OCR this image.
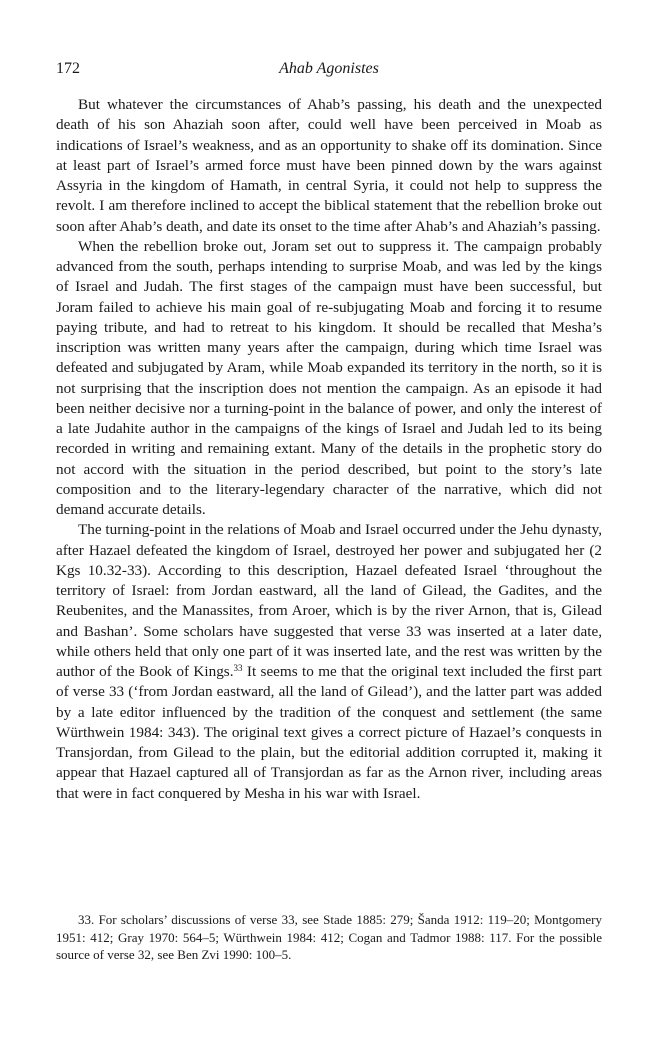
172	Ahab Agonistes

But whatever the circumstances of Ahab’s passing, his death and the unexpected death of his son Ahaziah soon after, could well have been perceived in Moab as indications of Israel’s weakness, and as an opportunity to shake off its domination. Since at least part of Israel’s armed force must have been pinned down by the wars against Assyria in the kingdom of Hamath, in central Syria, it could not help to suppress the revolt. I am therefore inclined to accept the biblical statement that the rebellion broke out soon after Ahab’s death, and date its onset to the time after Ahab’s and Ahaziah’s passing.

When the rebellion broke out, Joram set out to suppress it. The campaign probably advanced from the south, perhaps intending to surprise Moab, and was led by the kings of Israel and Judah. The first stages of the campaign must have been successful, but Joram failed to achieve his main goal of re-subjugating Moab and forcing it to resume paying tribute, and had to retreat to his kingdom. It should be recalled that Mesha’s inscription was written many years after the campaign, during which time Israel was defeated and subjugated by Aram, while Moab expanded its territory in the north, so it is not surprising that the inscription does not mention the campaign. As an episode it had been neither decisive nor a turning-point in the balance of power, and only the interest of a late Judahite author in the campaigns of the kings of Israel and Judah led to its being recorded in writing and remaining extant. Many of the details in the prophetic story do not accord with the situation in the period described, but point to the story’s late composition and to the literary-legendary character of the narrative, which did not demand accurate details.

The turning-point in the relations of Moab and Israel occurred under the Jehu dynasty, after Hazael defeated the kingdom of Israel, destroyed her power and subjugated her (2 Kgs 10.32-33). According to this description, Hazael defeated Israel ‘throughout the territory of Israel: from Jordan eastward, all the land of Gilead, the Gadites, and the Reubenites, and the Manassites, from Aroer, which is by the river Arnon, that is, Gilead and Bashan’. Some scholars have suggested that verse 33 was inserted at a later date, while others held that only one part of it was inserted late, and the rest was written by the author of the Book of Kings.$^{33}$ It seems to me that the original text included the first part of verse 33 (‘from Jordan eastward, all the land of Gilead’), and the latter part was added by a late editor influenced by the tradition of the conquest and settlement (the same Würthwein 1984: 343). The original text gives a correct picture of Hazael’s conquests in Transjordan, from Gilead to the plain, but the editorial addition corrupted it, making it appear that Hazael captured all of Transjordan as far as the Arnon river, including areas that were in fact conquered by Mesha in his war with Israel.

33. For scholars’ discussions of verse 33, see Stade 1885: 279; Šanda 1912: 119–20; Montgomery 1951: 412; Gray 1970: 564–5; Würthwein 1984: 412; Cogan and Tadmor 1988: 117. For the possible source of verse 32, see Ben Zvi 1990: 100–5.
